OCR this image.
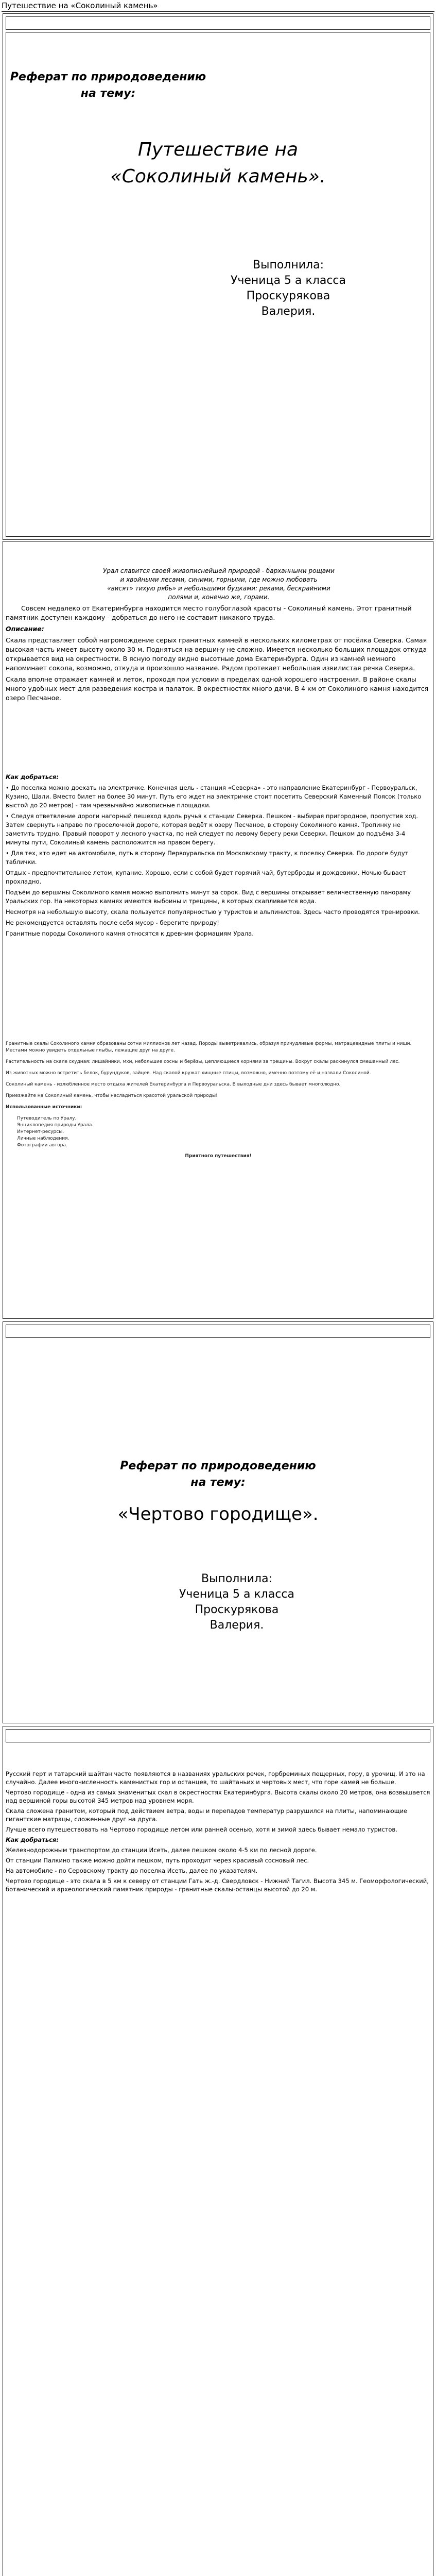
Путешествие на «Соколиный камень»
Реферат по природоведению
на тему:
Путешествие на
«Соколиный камень».
Выполнила:
Ученица 5 а класса
Проскурякова
Валерия.
Урал славится своей живописнейшей природой - барханными рощами
и хвойными лесами, синими, горными, где можно любовать
«висят» тихую рябь» и небольшими будками: реками, бескрайними
полями и, конечно же, горами.

Совсем недалеко от Екатеринбурга находится место голубоглазой красоты - Соколиный камень. Этот гранитный памятник доступен каждому - добраться до него не составит никакого труда.

Описание:

Скала представляет собой нагромождение серых гранитных камней в нескольких километрах от посёлка Северка. Самая высокая часть имеет высоту около 30 м. Подняться на вершину не сложно. Имеется несколько больших площадок откуда открывается вид на окрестности. В ясную погоду видно высотные дома Екатеринбурга. Один из камней немного напоминает сокола, возможно, откуда и произошло название. Рядом протекает небольшая извилистая речка Северка.

Скала вполне отражает камней и леток, проходя при условии в пределах одной хорошего настроения. В районе скалы много удобных мест для разведения костра и палаток. В окрестностях много дачи. В 4 км от Соколиного камня находится озеро Песчаное.

Как добраться:

• До поселка можно доехать на электричке. Конечная цель - станция «Северка» - это направление Екатеринбург - Первоуральск, Кузино, Шали. Вместо билет на более 30 минут. Путь его ждет на электричке стоит посетить Северский Каменный Поясок (только выстой до 20 метров) - там чрезвычайно живописные площадки.

• Следуя ответвление дороги нагорный пешеход вдоль ручья к станции Северка. Пешком - выбирая пригородное, пропустив ход. Затем свернуть направо по проселочной дороге, которая ведёт к озеру Песчаное, в сторону Соколиного камня. Тропинку не заметить трудно. Правый поворот у лесного участка, по ней следует по левому берегу реки Северки. Пешком до подъёма 3-4 минуты пути, Соколиный камень расположится на правом берегу.

• Для тех, кто едет на автомобиле, путь в сторону Первоуральска по Московскому тракту, к поселку Северка. По дороге будут таблички.

Отдых - предпочтительнее летом, купание. Хорошо, если с собой будет горячий чай, бутерброды и дождевики. Ночью бывает прохладно.

Подъём до вершины Соколиного камня можно выполнить минут за сорок. Вид с вершины открывает величественную панораму Уральских гор. На некоторых камнях имеются выбоины и трещины, в которых скапливается вода.

Несмотря на небольшую высоту, скала пользуется популярностью у туристов и альпинистов. Здесь часто проводятся тренировки.

Не рекомендуется оставлять после себя мусор - берегите природу!

Гранитные породы Соколиного камня относятся к древним формациям Урала.

Гранитные скалы Соколиного камня образованы сотни миллионов лет назад. Породы выветривались, образуя причудливые формы, матрацевидные плиты и ниши. Местами можно увидеть отдельные глыбы, лежащие друг на друге.

Растительность на скале скудная: лишайники, мхи, небольшие сосны и берёзы, цепляющиеся корнями за трещины. Вокруг скалы раскинулся смешанный лес.

Из животных можно встретить белок, бурундуков, зайцев. Над скалой кружат хищные птицы, возможно, именно поэтому её и назвали Соколиной.

Соколиный камень - излюбленное место отдыха жителей Екатеринбурга и Первоуральска. В выходные дни здесь бывает многолюдно.

Приезжайте на Соколиный камень, чтобы насладиться красотой уральской природы!

Использованные источники:

Путеводитель по Уралу.
Энциклопедия природы Урала.
Интернет-ресурсы.
Личные наблюдения.
Фотографии автора.

Приятного путешествия!

Реферат по природоведению
на тему:
«Чертово городище».
Выполнила:
Ученица 5 а класса
Проскурякова
Валерия.

Русский герт и татарский шайтан часто появляются в названиях уральских речек, горбреминых пещерных, гору, в урочищ. И это на случайно. Далее многочисленность каменистых гор и останцев, то шайтаньих и чертовых мест, что горе камей не больше.

Чертово городище - одна из самых знаменитых скал в окрестностях Екатеринбурга. Высота скалы около 20 метров, она возвышается над вершиной горы высотой 345 метров над уровнем моря.

Скала сложена гранитом, который под действием ветра, воды и перепадов температур разрушился на плиты, напоминающие гигантские матрацы, сложенные друг на друга.

Лучше всего путешествовать на Чертово городище летом или ранней осенью, хотя и зимой здесь бывает немало туристов.

Как добраться:

Железнодорожным транспортом до станции Исеть, далее пешком около 4-5 км по лесной дороге.

От станции Палкино также можно дойти пешком, путь проходит через красивый сосновый лес.

На автомобиле - по Серовскому тракту до поселка Исеть, далее по указателям.

Чертово городище - это скала в 5 км к северу от станции Гать ж.-д. Свердловск - Нижний Тагил. Высота 345 м. Геоморфологический, ботанический и археологический памятник природы - гранитные скалы-останцы высотой до 20 м.
